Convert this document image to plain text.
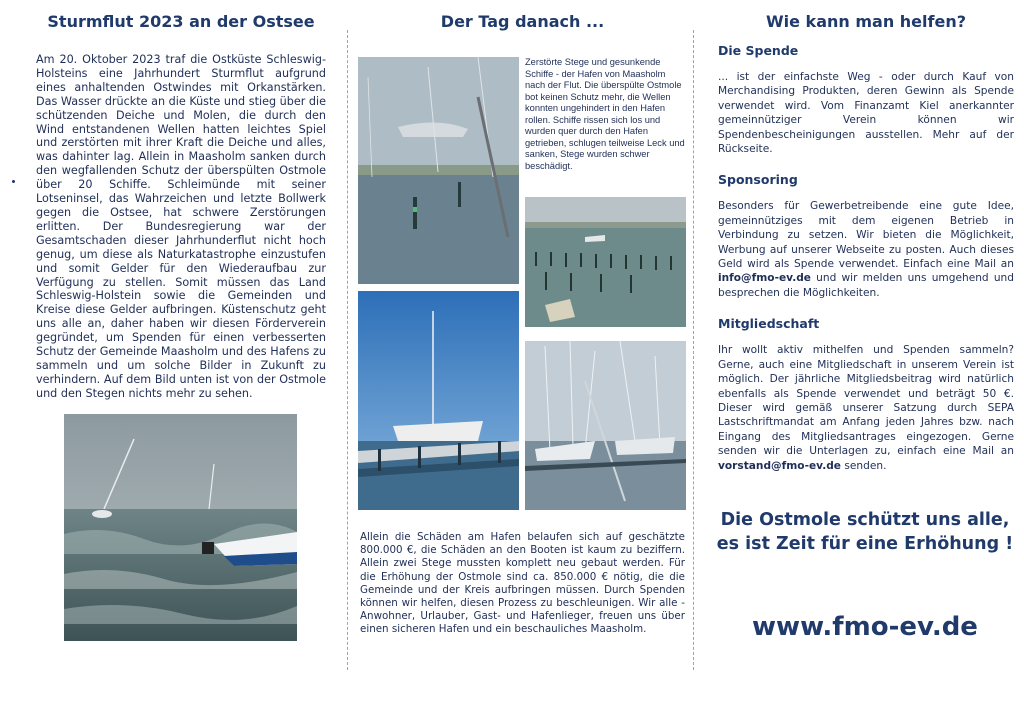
Sturmflut 2023 an der Ostsee

Am 20. Oktober 2023 traf die Ostküste Schleswig-Holsteins eine Jahrhundert Sturmflut aufgrund eines anhaltenden Ostwindes mit Orkanstärken. Das Wasser drückte an die Küste und stieg über die schützenden Deiche und Molen, die durch den Wind entstandenen Wellen hatten leichtes Spiel und zerstörten mit ihrer Kraft die Deiche und alles, was dahinter lag. Allein in Maasholm sanken durch den wegfallenden Schutz der überspülten Ostmole über 20 Schiffe. Schleimünde mit seiner Lotseninsel, das Wahrzeichen und letzte Bollwerk gegen die Ostsee, hat schwere Zerstörungen erlitten. Der Bundesregierung war der Gesamtschaden dieser Jahrhunderflut nicht hoch genug, um diese als Naturkatastrophe einzustufen und somit Gelder für den Wiederaufbau zur Verfügung zu stellen. Somit müssen das Land Schleswig-Holstein sowie die Gemeinden und Kreise diese Gelder aufbringen. Küstenschutz geht uns alle an, daher haben wir diesen Förderverein gegründet, um Spenden für einen verbesserten Schutz der Gemeinde Maasholm und des Hafens zu sammeln und um solche Bilder in Zukunft zu verhindern. Auf dem Bild unten ist von der Ostmole und den Stegen nichts mehr zu sehen.

Der Tag danach ...

Zerstörte Stege und gesunkende Schiffe - der Hafen von Maasholm nach der Flut. Die überspülte Ostmole bot keinen Schutz mehr, die Wellen konnten ungehindert in den Hafen rollen. Schiffe rissen sich los und wurden quer durch den Hafen getrieben, schlugen teilweise Leck und sanken, Stege wurden schwer beschädigt.

Allein die Schäden am Hafen belaufen sich auf geschätzte 800.000 €, die Schäden an den Booten ist kaum zu beziffern. Allein zwei Stege mussten komplett neu gebaut werden. Für die Erhöhung der Ostmole sind ca. 850.000 € nötig, die die Gemeinde und der Kreis aufbringen müssen. Durch Spenden können wir helfen, diesen Prozess zu beschleunigen. Wir alle - Anwohner, Urlauber, Gast- und Hafenlieger, freuen uns über einen sicheren Hafen und ein beschauliches Maasholm.

Wie kann man helfen?

Die Spende

... ist der einfachste Weg - oder durch Kauf von Merchandising Produkten, deren Gewinn als Spende verwendet wird. Vom Finanzamt Kiel anerkannter gemeinnütziger Verein können wir Spendenbescheinigungen ausstellen. Mehr auf der Rückseite.

Sponsoring

Besonders für Gewerbetreibende eine gute Idee, gemeinnütziges mit dem eigenen Betrieb in Verbindung zu setzen. Wir bieten die Möglichkeit, Werbung auf unserer Webseite zu posten. Auch dieses Geld wird als Spende verwendet. Einfach eine Mail an info@fmo-ev.de und wir melden uns umgehend und besprechen die Möglichkeiten.

Mitgliedschaft

Ihr wollt aktiv mithelfen und Spenden sammeln? Gerne, auch eine Mitgliedschaft in unserem Verein ist möglich. Der jährliche Mitgliedsbeitrag wird natürlich ebenfalls als Spende verwendet und beträgt 50 €. Dieser wird gemäß unserer Satzung durch SEPA Lastschriftmandat am Anfang jeden Jahres bzw. nach Eingang des Mitgliedsantrages eingezogen. Gerne senden wir die Unterlagen zu, einfach eine Mail an vorstand@fmo-ev.de senden.

Die Ostmole schützt uns alle,
es ist Zeit für eine Erhöhung !
www.fmo-ev.de
